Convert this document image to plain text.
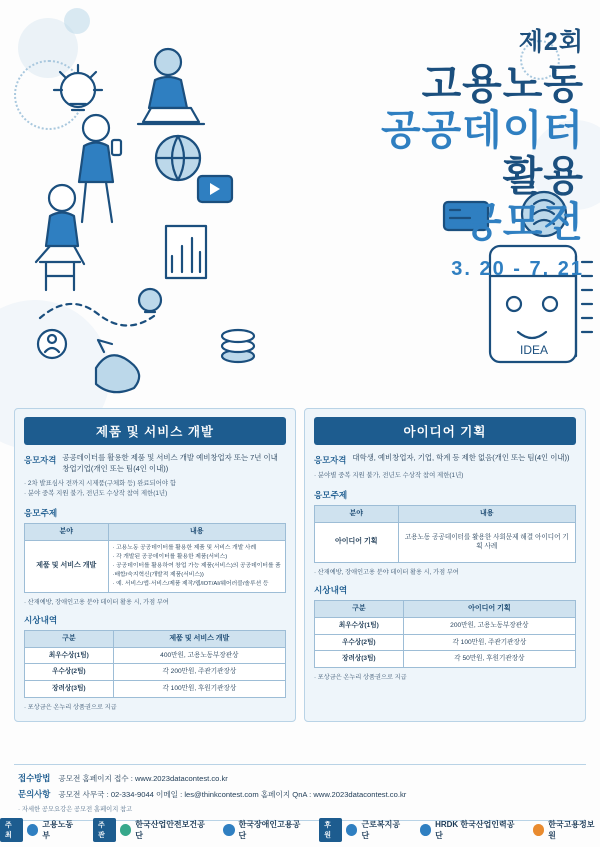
IDEA
제2회
고용노동
공공데이터
활용
공모전
3. 20 - 7. 21
제품 및 서비스 개발
응모자격 공공데이터를 활용한 제품 및 서비스 개발 예비창업자 또는 7년 이내 창업기업(개인 또는 팀(4인 이내))
· 2차 발표심사 전까지 시제품(구체화 등) 완료되어야 함
· 분야 중복 지원 불가, 전년도 수상작 참여 제한(1년)
응모주제
분야	내용
제품 및 서비스 개발	
· 고용노동 공공데이터를 활용한 제품 및 서비스 개발 사례
· 각 개발된 공공데이터를 활용한 제품(서비스)
· 공공데이터를 활용하여 창업 가능 제품(서비스)의 공공데이터를 품·배합/숙지혁신(개발적 제품(서비스))
· 예. 서비스/앱·서비스/제품 제작/웹/IOT/AI/웨어러블/솔루션 등
· 산재예방, 장애인고용 분야 데이터 활용 시, 가점 부여
시상내역
구분	제품 및 서비스 개발
최우수상(1팀)	400만원, 고용노동부장관상
우수상(2팀)	각 200만원, 주관기관장상
장려상(3팀)	각 100만원, 후원기관장상
· 포상금은 온누리 상품권으로 지급
아이디어 기획
응모자격 대학생, 예비창업자, 기업, 학계 등 제한 없음(개인 또는 팀(4인 이내))
· 분야별 중복 지원 불가, 전년도 수상작 참여 제한(1년)
응모주제
분야	내용
아이디어 기획	고용노동 공공데이터를 활용한 사회문제 해결 아이디어 기획 사례
· 산재예방, 장애인고용 분야 데이터 활용 시, 가점 부여
시상내역
구분	아이디어 기획
최우수상(1팀)	200만원, 고용노동부장관상
우수상(2팀)	각 100만원, 주관기관장상
장려상(3팀)	각 50만원, 후원기관장상
· 포상금은 온누리 상품권으로 지급
접수방법 공모전 홈페이지 접수 : www.2023datacontest.co.kr
문의사항 공모전 사무국 : 02-334-9044 이메일 : les@thinkcontest.com 홈페이지 QnA : www.2023datacontest.co.kr
· 자세한 공모요강은 공모전 홈페이지 참고
주최
고용노동부
주관
한국산업안전보건공단
한국장애인고용공단
후원
근로복지공단
HRDK 한국산업인력공단
한국고용정보원
